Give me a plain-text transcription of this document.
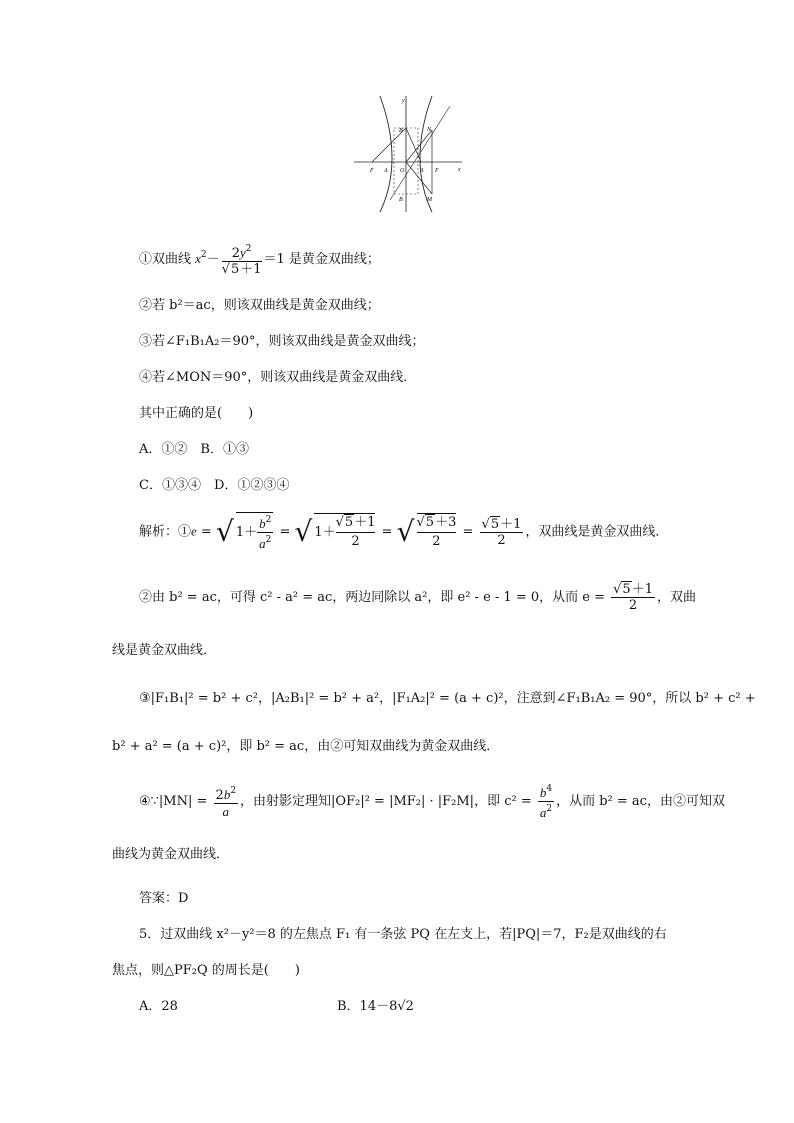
y
x
O
B	N
F A	A F
B	M
①双曲线 $x^2- \frac{2y^2}{√5+1} =1$ 是黄金双曲线；
②若 b²＝ac，则该双曲线是黄金双曲线；
③若∠F₁B₁A₂＝90°，则该双曲线是黄金双曲线；
④若∠MON＝90°，则该双曲线是黄金双曲线．
其中正确的是(　　)
A．①②　B．①③
C．①③④　D．①②③④
解析：①e = √ $1+ \frac{b^2}{a^2}$ = √ $1+ \frac{√5+1}{2}$ = √ $\frac{√5+3}{2} = \frac{√5+1}{2}$ ，双曲线是黄金双曲线．
②由 b² = ac，可得 c² - a² = ac，两边同除以 a²，即 e² - e - 1 = 0，从而 $e = \frac{√5+1}{2}$ ，双曲
线是黄金双曲线．
③|F₁B₁|² = b² + c²，|A₂B₁|² = b² + a²，|F₁A₂|² = (a + c)²，注意到∠F₁B₁A₂ = 90°，所以 b² + c² +
b² + a² = (a + c)²，即 b² = ac，由②可知双曲线为黄金双曲线．
④∵|MN| = $\frac{2b^2}{a}$ ，由射影定理知|OF₂|² = |MF₂| · |F₂M|，即 $c^2 = \frac{b^4}{a^2}$ ，从而 b² = ac，由②可知双
曲线为黄金双曲线．
答案：D
5．过双曲线 x²－y²＝8 的左焦点 F₁ 有一条弦 PQ 在左支上，若|PQ|＝7，F₂是双曲线的右
焦点，则△PF₂Q 的周长是(　　)
A．28	B．14－8√2
